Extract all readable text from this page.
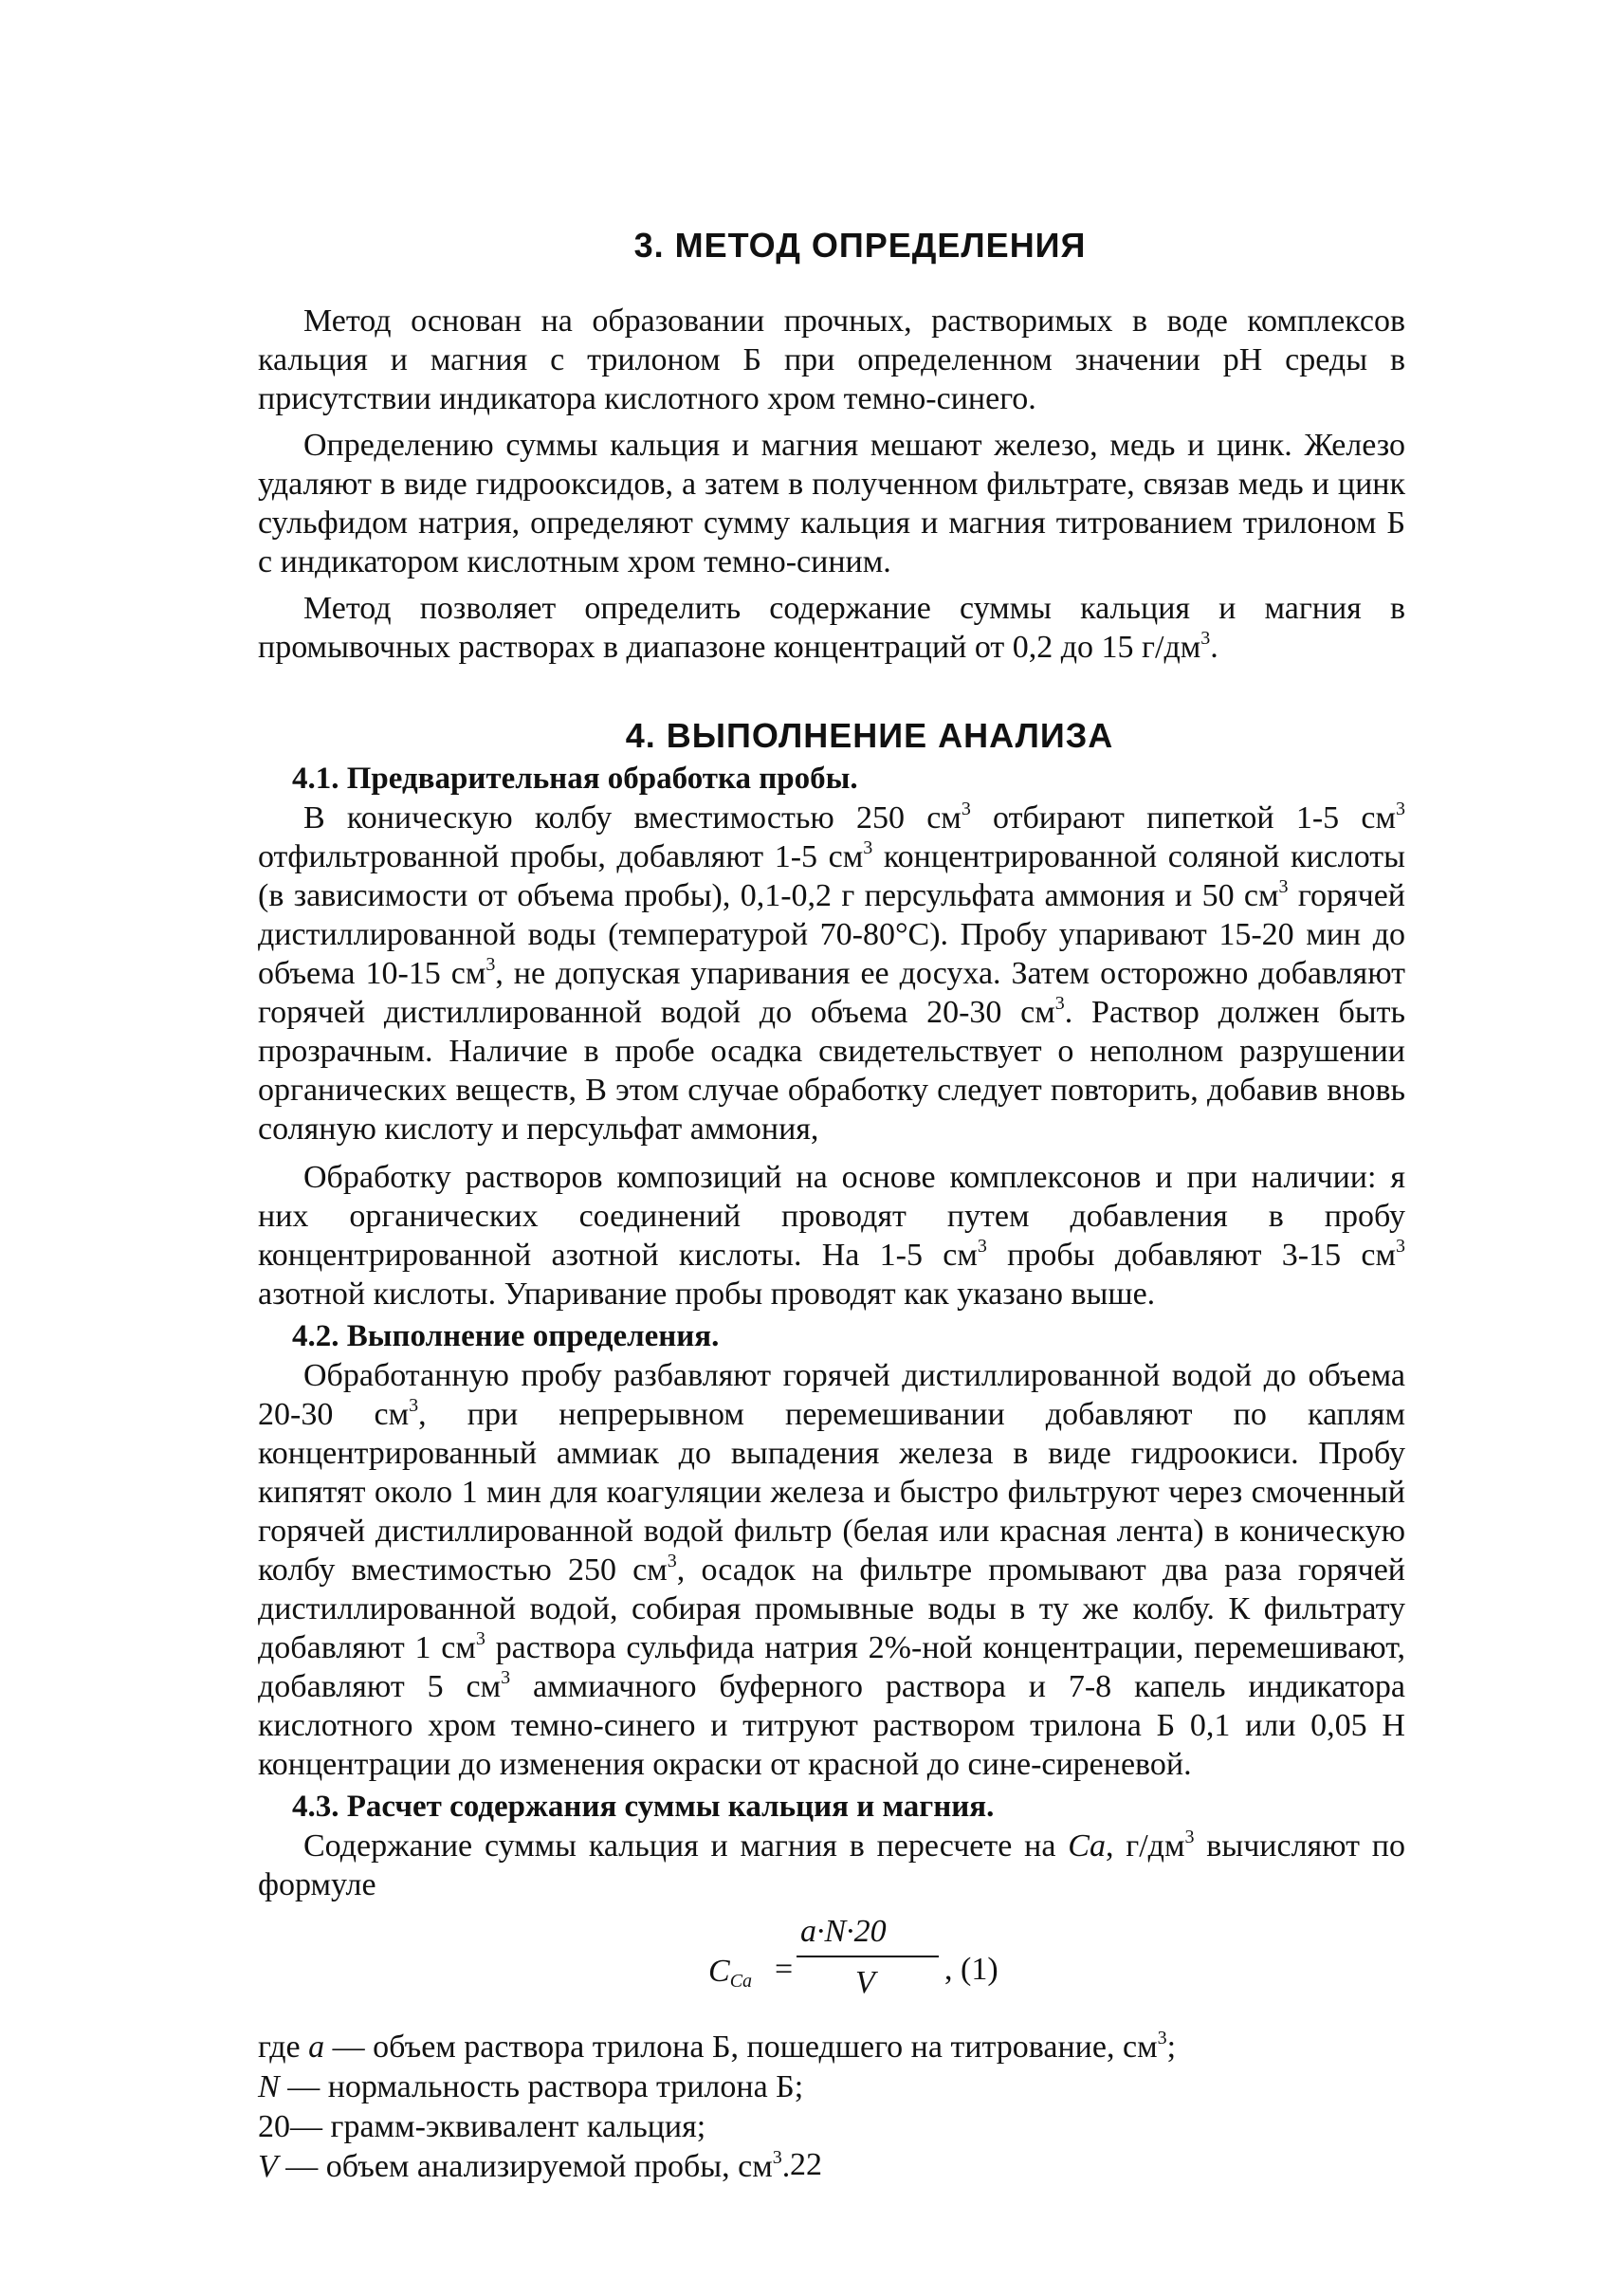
3. МЕТОД ОПРЕДЕЛЕНИЯ

Метод основан на образовании прочных, растворимых в воде комплексов кальция и магния с трилоном Б при определенном значении рН среды в присутствии индикатора кислотного хром темно-синего.

Определению суммы кальция и магния мешают железо, медь и цинк. Железо удаляют в виде гидрооксидов, а затем в полученном фильтрате, связав медь и цинк сульфидом натрия, определяют сумму кальция и магния титрованием трилоном Б с индикатором кислотным хром темно-синим.

Метод позволяет определить содержание суммы кальция и магния в промывочных растворах в диапазоне концентраций от 0,2 до 15 $г/дм^3$.

4. ВЫПОЛНЕНИЕ АНАЛИЗА
4.1. Предварительная обработка пробы.

В коническую колбу вместимостью 250 $см^3$ отбирают пипеткой 1-5 $см^3$ отфильтрованной пробы, добавляют 1-5 $см^3$ концентрированной соляной кислоты (в зависимости от объема пробы), 0,1-0,2 г персульфата аммония и 50 $см^3$ горячей дистиллированной воды (температурой 70-80°С). Пробу упаривают 15-20 мин до объема 10-15 $см^3$, не допуская упаривания ее досуха. Затем осторожно добавляют горячей дистиллированной водой до объема 20-30 $см^3$. Раствор должен быть прозрачным. Наличие в пробе осадка свидетельствует о неполном разрушении органических веществ, В этом случае обработку следует повторить, добавив вновь соляную кислоту и персульфат аммония,

Обработку растворов композиций на основе комплексонов и при наличии: я них органических соединений проводят путем добавления в пробу концентрированной азотной кислоты. На 1-5 $см^3$ пробы добавляют 3-15 $см^3$ азотной кислоты. Упаривание пробы проводят как указано выше.

4.2. Выполнение определения.

Обработанную пробу разбавляют горячей дистиллированной водой до объема 20-30 $см^3$, при непрерывном перемешивании добавляют по каплям концентрированный аммиак до выпадения железа в виде гидроокиси. Пробу кипятят около 1 мин для коагуляции железа и быстро фильтруют через смоченный горячей дистиллированной водой фильтр (белая или красная лента) в коническую колбу вместимостью 250 $см^3$, осадок на фильтре промывают два раза горячей дистиллированной водой, собирая промывные воды в ту же колбу. К фильтрату добавляют 1 $см^3$ раствора сульфида натрия 2%-ной концентрации, перемешивают, добавляют 5 $см^3$ аммиачного буферного раствора и 7-8 капель индикатора кислотного хром темно-синего и титруют раствором трилона Б 0,1 или 0,05 Н концентрации до изменения окраски от красной до сине-сиреневой.

4.3. Расчет содержания суммы кальция и магния.

Содержание суммы кальция и магния в пересчете на Ca, $г/дм^3$ вычисляют по формуле

$C_{Ca}$ =
a·N·20
V , (1)

где a — объем раствора трилона Б, пошедшего на титрование, $см^3$;

N — нормальность раствора трилона Б;

20— грамм-эквивалент кальция;

V — объем анализируемой пробы, $см^3$. 22
